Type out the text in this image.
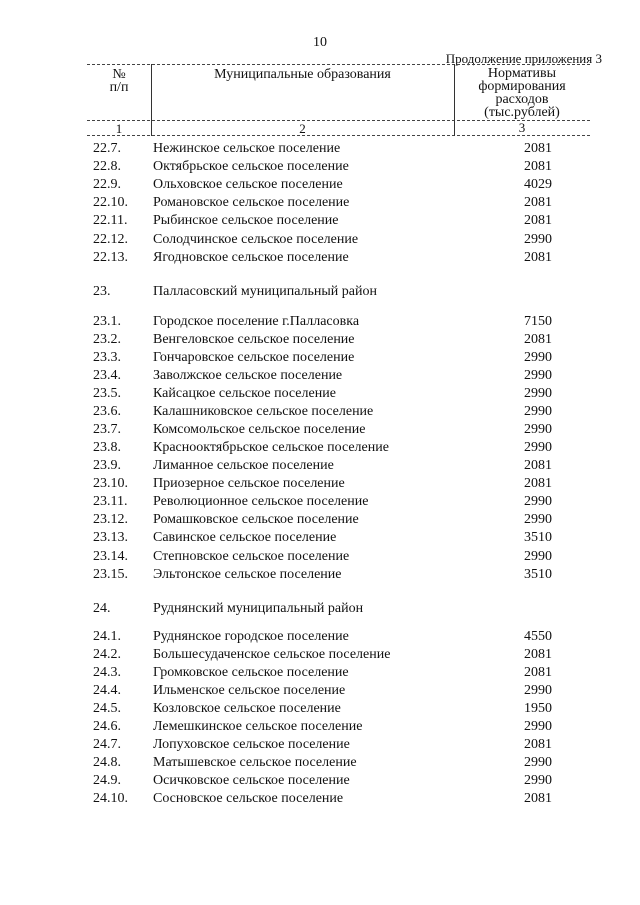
10
Продолжение приложения 3
№
п/п
Муниципальные образования	Нормативы
формирования
расходов
(тыс.рублей)
1	2	3
22.7. Нежинское сельское поселение	2081
22.8. Октябрьское сельское поселение	2081
22.9. Ольховское сельское поселение	4029
22.10. Романовское сельское поселение	2081
22.11. Рыбинское сельское поселение	2081
22.12. Солодчинское сельское поселение	2990
22.13. Ягодновское сельское поселение	2081
23.	Палласовский муниципальный район
23.1. Городское поселение г.Палласовка	7150
23.2. Венгеловское сельское поселение	2081
23.3. Гончаровское сельское поселение	2990
23.4. Заволжское сельское поселение	2990
23.5. Кайсацкое сельское поселение	2990
23.6. Калашниковское сельское поселение	2990
23.7. Комсомольское сельское поселение	2990
23.8. Краснооктябрьское сельское поселение	2990
23.9. Лиманное сельское поселение	2081
23.10. Приозерное сельское поселение	2081
23.11. Революционное сельское поселение	2990
23.12. Ромашковское сельское поселение	2990
23.13. Савинское сельское поселение	3510
23.14. Степновское сельское поселение	2990
23.15. Эльтонское сельское поселение	3510
24.	Руднянский муниципальный район
24.1. Руднянское городское поселение	4550
24.2. Большесудаченское сельское поселение	2081
24.3. Громковское сельское поселение	2081
24.4. Ильменское сельское поселение	2990
24.5. Козловское сельское поселение	1950
24.6. Лемешкинское сельское поселение	2990
24.7. Лопуховское сельское поселение	2081
24.8. Матышевское сельское поселение	2990
24.9. Осичковское сельское поселение	2990
24.10. Сосновское сельское поселение	2081
